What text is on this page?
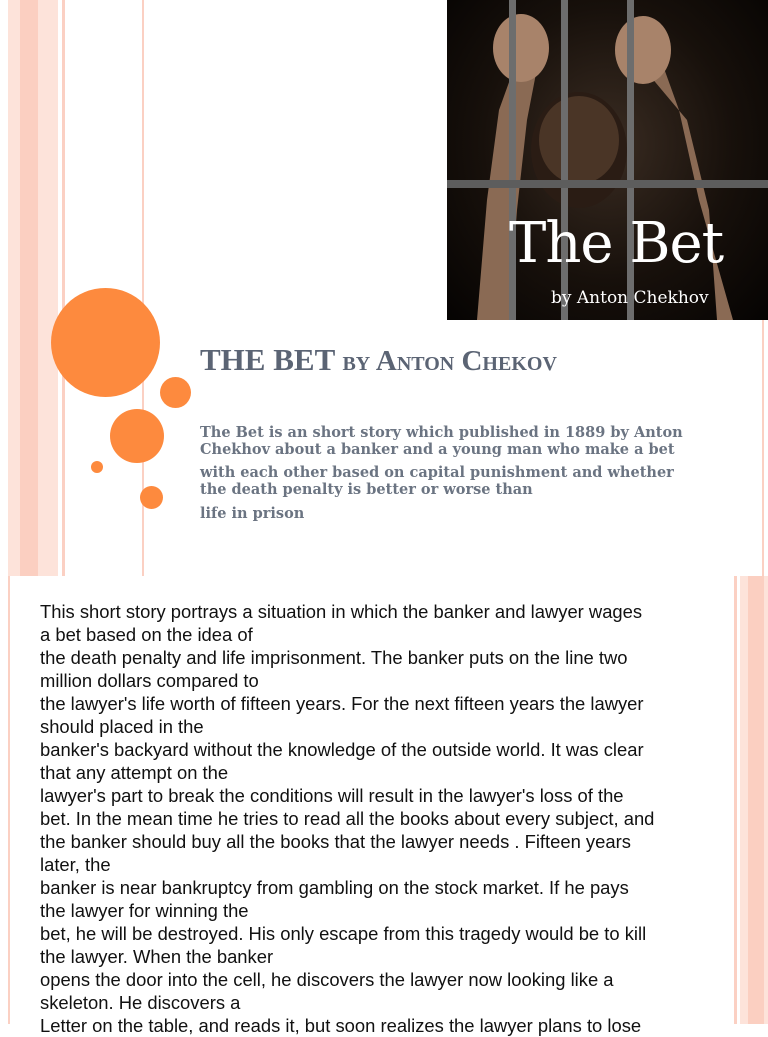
The Bet
by Anton Chekhov
THE BET by Anton Chekov
The Bet is an short story which published in 1889 by Anton
Chekhov about a banker and a young man who make a bet
with each other based on capital punishment and whether
the death penalty is better or worse than
life in prison
This short story portrays a situation in which the banker and lawyer wages
a bet based on the idea of
the death penalty and life imprisonment. The banker puts on the line two
million dollars compared to
the lawyer's life worth of fifteen years. For the next fifteen years the lawyer
should placed in the
banker's backyard without the knowledge of the outside world. It was clear
that any attempt on the
lawyer's part to break the conditions will result in the lawyer's loss of the
bet. In the mean time he tries to read all the books about every subject, and
the banker should buy all the books that the lawyer needs . Fifteen years
later, the
banker is near bankruptcy from gambling on the stock market. If he pays
the lawyer for winning the
bet, he will be destroyed. His only escape from this tragedy would be to kill
the lawyer. When the banker
opens the door into the cell, he discovers the lawyer now looking like a
skeleton. He discovers a
Letter on the table, and reads it, but soon realizes the lawyer plans to lose
